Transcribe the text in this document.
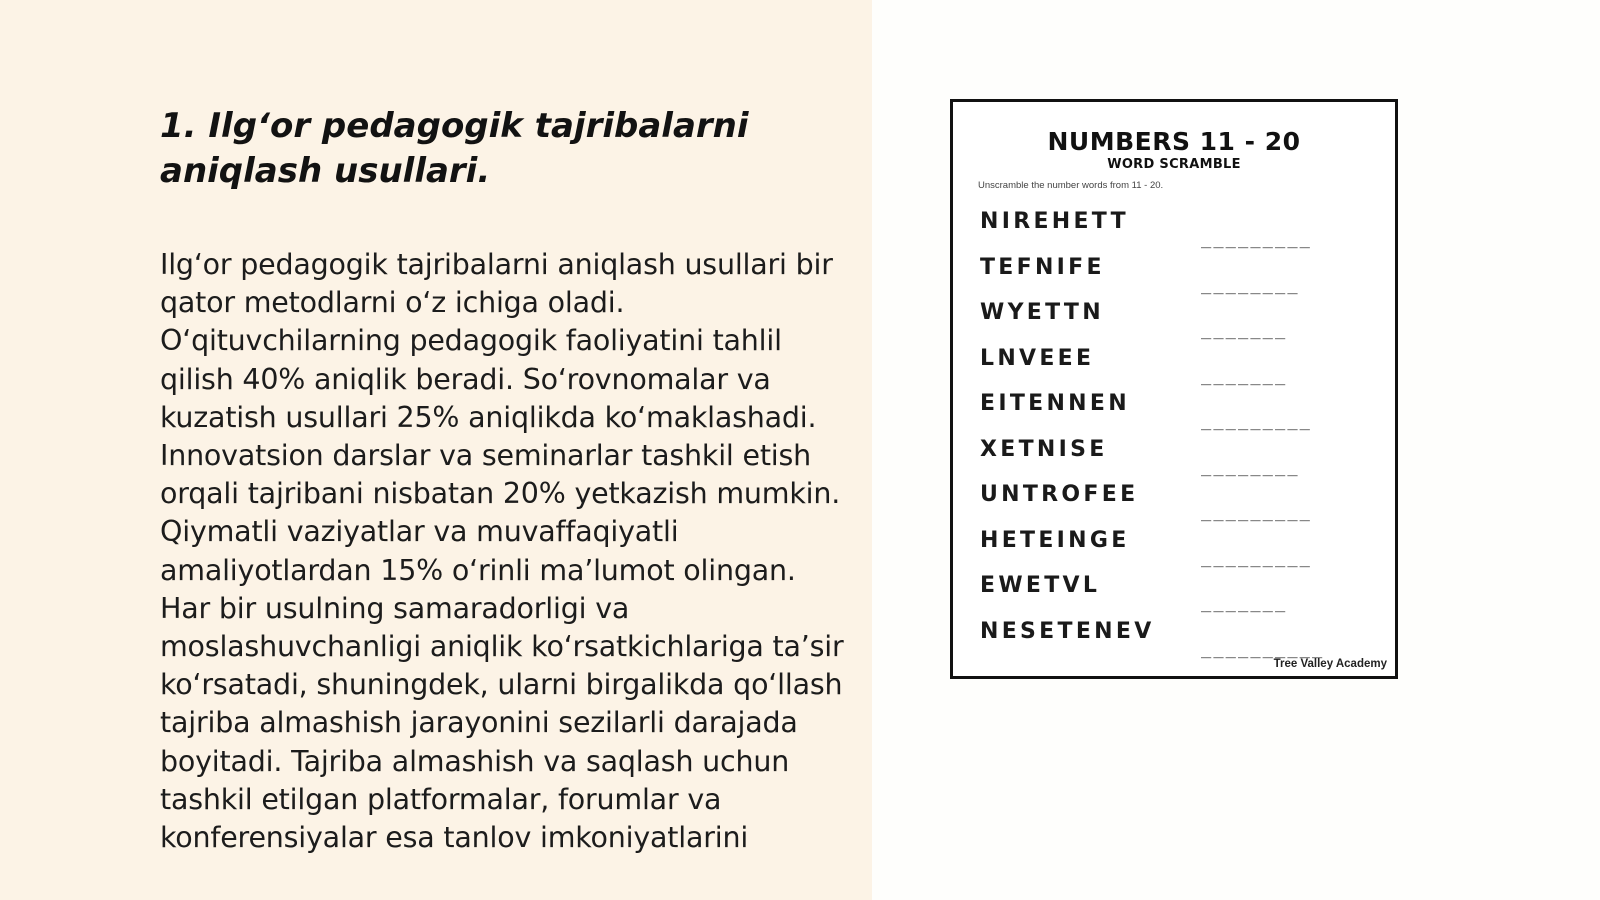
1. Ilg‘or pedagogik tajribalarni aniqlash usullari.

Ilg‘or pedagogik tajribalarni aniqlash usullari bir qator metodlarni o‘z ichiga oladi. O‘qituvchilarning pedagogik faoliyatini tahlil qilish 40% aniqlik beradi. So‘rovnomalar va kuzatish usullari 25% aniqlikda ko‘maklashadi. Innovatsion darslar va seminarlar tashkil etish orqali tajribani nisbatan 20% yetkazish mumkin. Qiymatli vaziyatlar va muvaffaqiyatli amaliyotlardan 15% o‘rinli ma’lumot olingan. Har bir usulning samaradorligi va moslashuvchanligi aniqlik ko‘rsatkichlariga ta’sir ko‘rsatadi, shuningdek, ularni birgalikda qo‘llash tajriba almashish jarayonini sezilarli darajada boyitadi. Tajriba almashish va saqlash uchun tashkil etilgan platformalar, forumlar va konferensiyalar esa tanlov imkoniyatlarini

NUMBERS 11 - 20
WORD SCRAMBLE
Unscramble the number words from 11 - 20.
NIREHETT
_________
TEFNIFE
________
WYETTN
_______
LNVEEE
_______
EITENNEN
_________
XETNISE
________
UNTROFEE
_________
HETEINGE
_________
EWETVL
_______
NESETENEV
__________
Tree Valley Academy
